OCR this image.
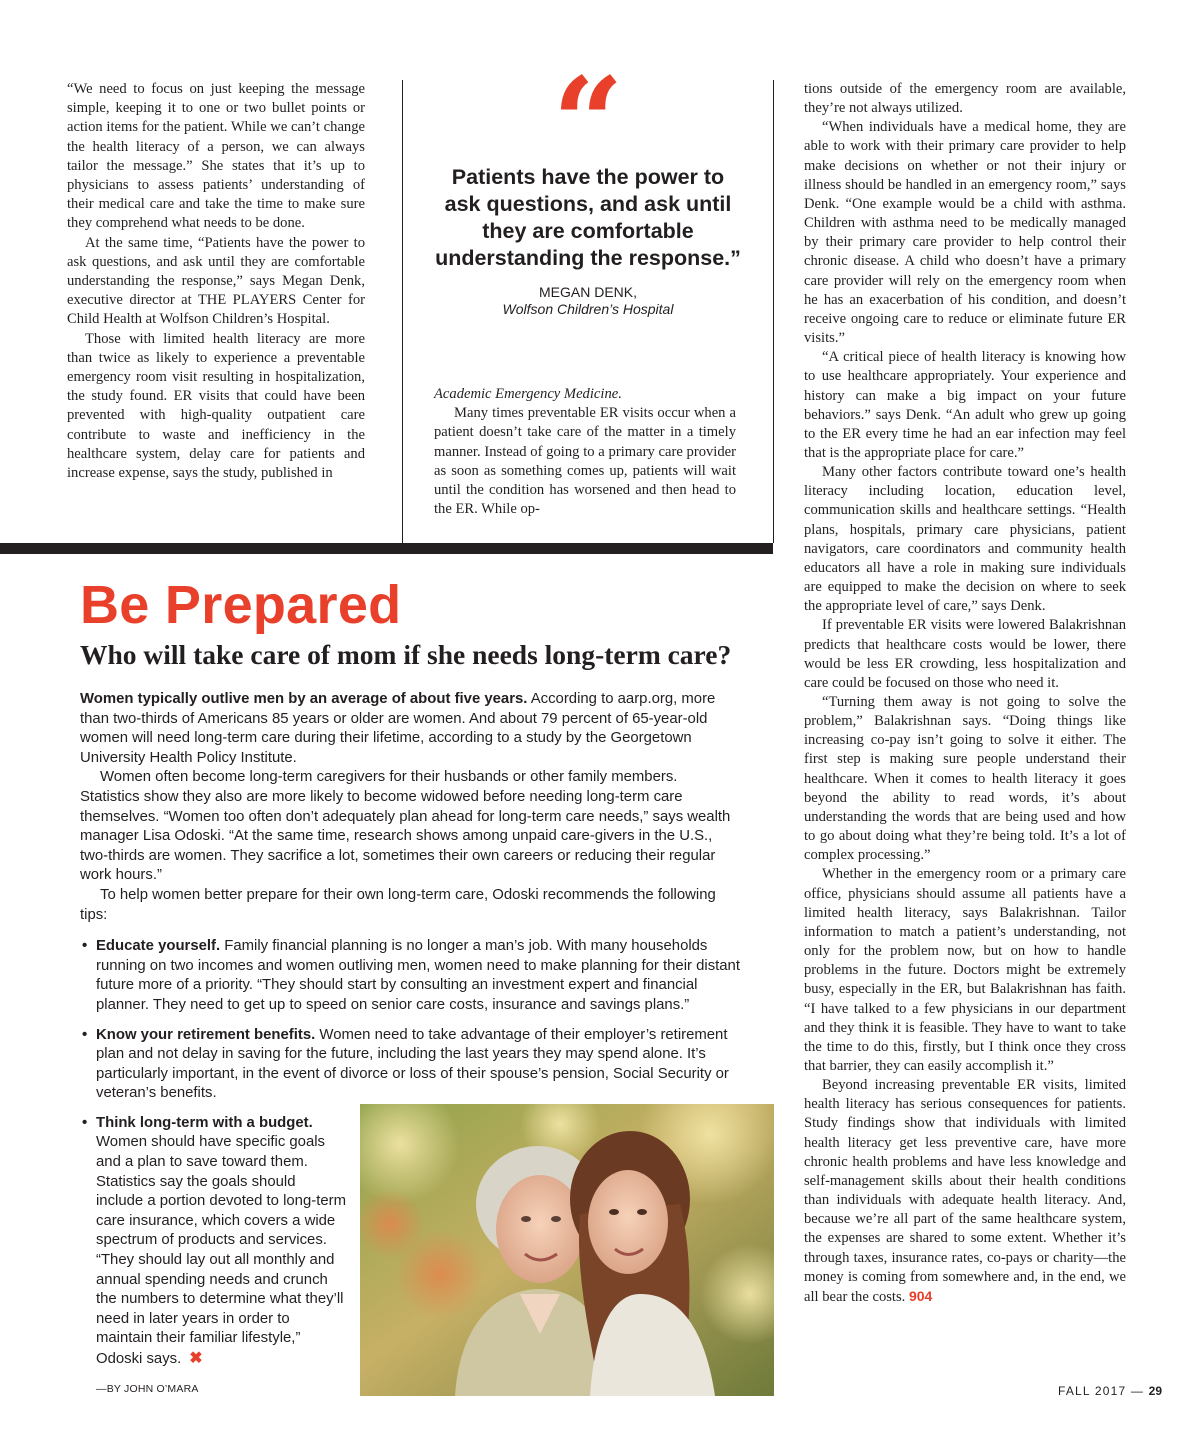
“We need to focus on just keeping the message simple, keeping it to one or two bullet points or action items for the patient. While we can’t change the health literacy of a person, we can always tailor the message.” She states that it’s up to physicians to assess patients’ understanding of their medical care and take the time to make sure they comprehend what needs to be done.

At the same time, “Patients have the power to ask questions, and ask until they are comfortable understanding the response,” says Megan Denk, executive director at THE PLAYERS Center for Child Health at Wolfson Children’s Hospital.

Those with limited health literacy are more than twice as likely to experience a preventable emergency room visit resulting in hospitalization, the study found. ER visits that could have been prevented with high-quality outpatient care contribute to waste and inefficiency in the healthcare system, delay care for patients and increase expense, says the study, published in

“
Patients have the power to ask questions, and ask until they are comfortable understanding the response.”
MEGAN DENK,
Wolfson Children’s Hospital

Academic Emergency Medicine.

Many times preventable ER visits occur when a patient doesn’t take care of the matter in a timely manner. Instead of going to a primary care provider as soon as something comes up, patients will wait until the condition has worsened and then head to the ER. While op-

tions outside of the emergency room are available, they’re not always utilized.

“When individuals have a medical home, they are able to work with their primary care provider to help make decisions on whether or not their injury or illness should be handled in an emergency room,” says Denk. “One example would be a child with asthma. Children with asthma need to be medically managed by their primary care provider to help control their chronic disease. A child who doesn’t have a primary care provider will rely on the emergency room when he has an exacerbation of his condition, and doesn’t receive ongoing care to reduce or eliminate future ER visits.”

“A critical piece of health literacy is knowing how to use healthcare appropriately. Your experience and history can make a big impact on your future behaviors.” says Denk. “An adult who grew up going to the ER every time he had an ear infection may feel that is the appropriate place for care.”

Many other factors contribute toward one’s health literacy including location, education level, communication skills and healthcare settings. “Health plans, hospitals, primary care physicians, patient navigators, care coordinators and community health educators all have a role in making sure individuals are equipped to make the decision on where to seek the appropriate level of care,” says Denk.

If preventable ER visits were lowered Balakrishnan predicts that healthcare costs would be lower, there would be less ER crowding, less hospitalization and care could be focused on those who need it.

“Turning them away is not going to solve the problem,” Balakrishnan says. “Doing things like increasing co-pay isn’t going to solve it either. The first step is making sure people understand their healthcare. When it comes to health literacy it goes beyond the ability to read words, it’s about understanding the words that are being used and how to go about doing what they’re being told. It’s a lot of complex processing.”

Whether in the emergency room or a primary care office, physicians should assume all patients have a limited health literacy, says Balakrishnan. Tailor information to match a patient’s understanding, not only for the problem now, but on how to handle problems in the future. Doctors might be extremely busy, especially in the ER, but Balakrishnan has faith. “I have talked to a few physicians in our department and they think it is feasible. They have to want to take the time to do this, firstly, but I think once they cross that barrier, they can easily accomplish it.”

Beyond increasing preventable ER visits, limited health literacy has serious consequences for patients. Study findings show that individuals with limited health literacy get less preventive care, have more chronic health problems and have less knowledge and self-management skills about their health conditions than individuals with adequate health literacy. And, because we’re all part of the same healthcare system, the expenses are shared to some extent. Whether it’s through taxes, insurance rates, co-pays or charity—the money is coming from somewhere and, in the end, we all bear the costs. 904

Be Prepared
Who will take care of mom if she needs long-term care?

Women typically outlive men by an average of about five years. According to aarp.org, more than two-thirds of Americans 85 years or older are women. And about 79 percent of 65-year-old women will need long-term care during their lifetime, according to a study by the Georgetown University Health Policy Institute.

Women often become long-term caregivers for their husbands or other family members. Statistics show they also are more likely to become widowed before needing long-term care themselves. “Women too often don’t adequately plan ahead for long-term care needs,” says wealth manager Lisa Odoski. “At the same time, research shows among unpaid care-givers in the U.S., two-thirds are women. They sacrifice a lot, sometimes their own careers or reducing their regular work hours.”

To help women better prepare for their own long-term care, Odoski recommends the following tips:

• Educate yourself. Family financial planning is no longer a man’s job. With many households running on two incomes and women outliving men, women need to make planning for their distant future more of a priority. “They should start by consulting an investment expert and financial planner. They need to get up to speed on senior care costs, insurance and savings plans.”
• Know your retirement benefits. Women need to take advantage of their employer’s retirement plan and not delay in saving for the future, including the last years they may spend alone. It’s particularly important, in the event of divorce or loss of their spouse’s pension, Social Security or veteran’s benefits.
• Think long-term with a budget.
Women should have specific goals and a plan to save toward them. Statistics say the goals should include a portion devoted to long-term care insurance, which covers a wide spectrum of products and services. “They should lay out all monthly and annual spending needs and crunch the numbers to determine what they’ll need in later years in order to maintain their familiar lifestyle,” Odoski says. ✖
—BY JOHN O’MARA	FALL 2017 — 29
